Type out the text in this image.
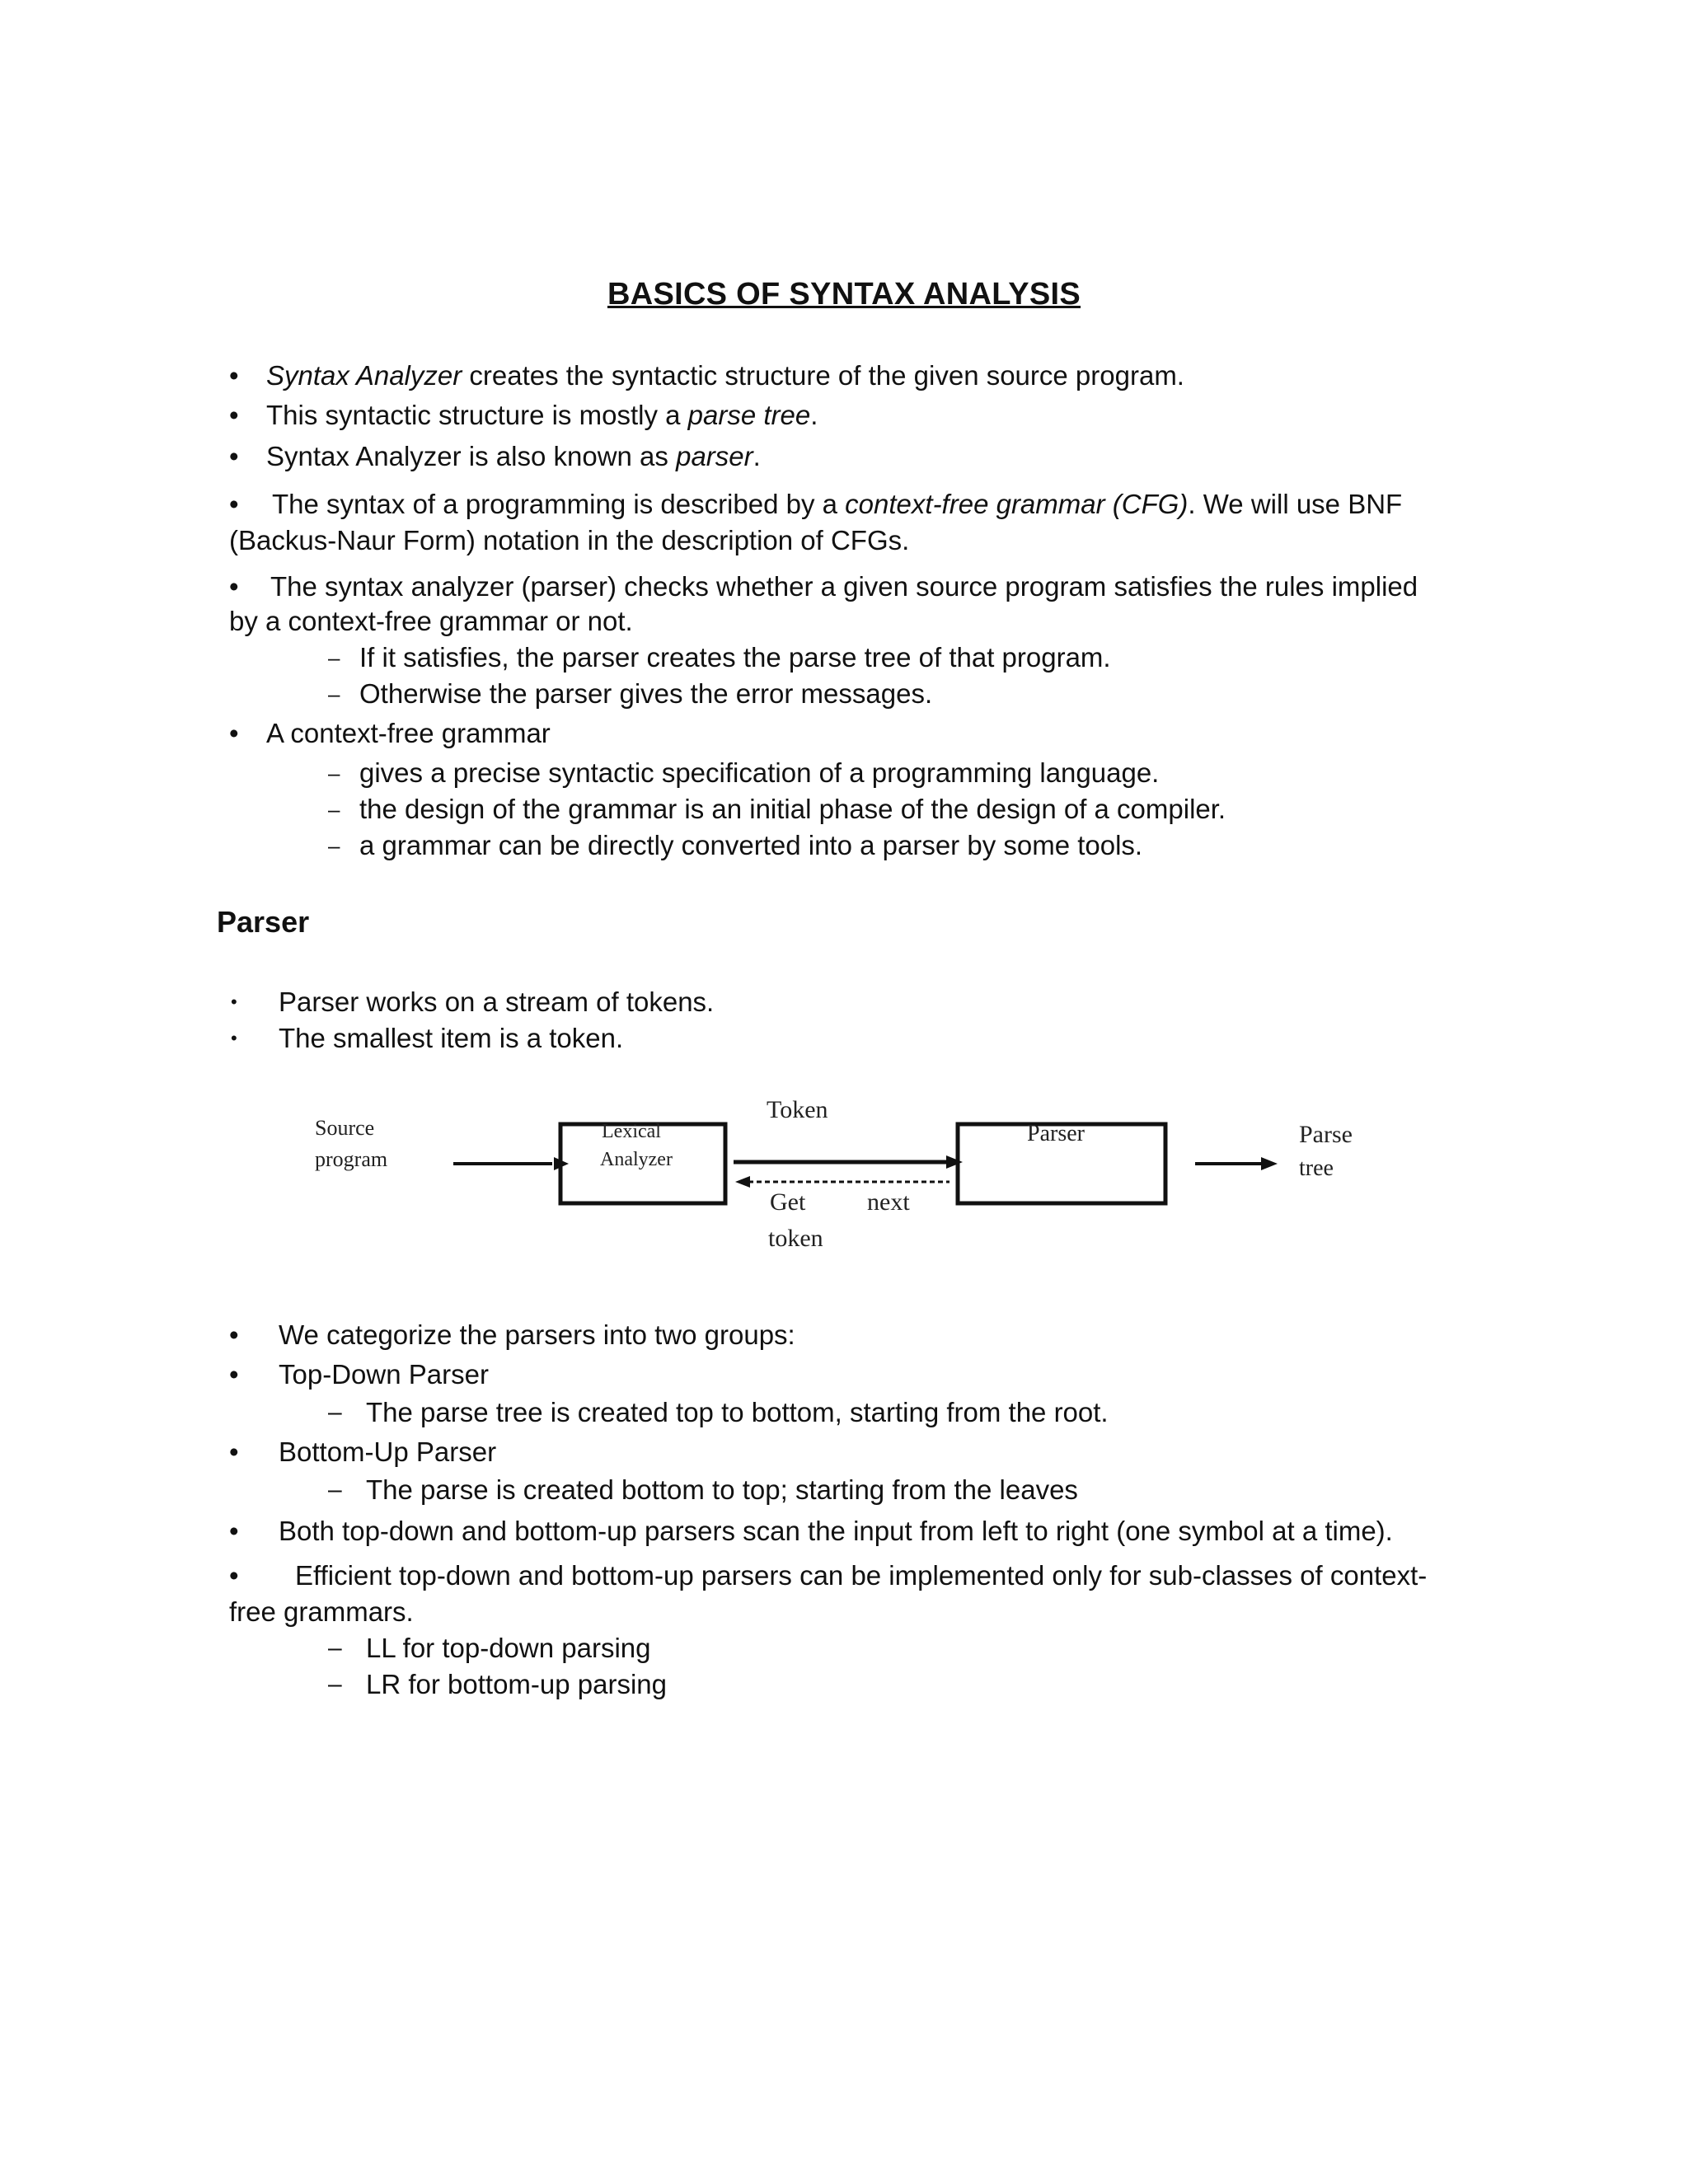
BASICS OF SYNTAX ANALYSIS
• Syntax Analyzer creates the syntactic structure of the given source program.
• This syntactic structure is mostly a parse tree.
• Syntax Analyzer is also known as parser.
• The syntax of a programming is described by a context-free grammar (CFG). We will use BNF
(Backus-Naur Form) notation in the description of CFGs.
• The syntax analyzer (parser) checks whether a given source program satisfies the rules implied
by a context-free grammar or not.
– If it satisfies, the parser creates the parse tree of that program.
– Otherwise the parser gives the error messages.
• A context-free grammar
– gives a precise syntactic specification of a programming language.
– the design of the grammar is an initial phase of the design of a compiler.
– a grammar can be directly converted into a parser by some tools.
Parser
• Parser works on a stream of tokens.
• The smallest item is a token.
Source
program
Lexical
Analyzer
Token
Parser
Get next
token
Parse
tree
• We categorize the parsers into two groups:
• Top-Down Parser
– The parse tree is created top to bottom, starting from the root.
• Bottom-Up Parser
– The parse is created bottom to top; starting from the leaves
• Both top-down and bottom-up parsers scan the input from left to right (one symbol at a time).
• Efficient top-down and bottom-up parsers can be implemented only for sub-classes of context-
free grammars.
– LL for top-down parsing
– LR for bottom-up parsing
